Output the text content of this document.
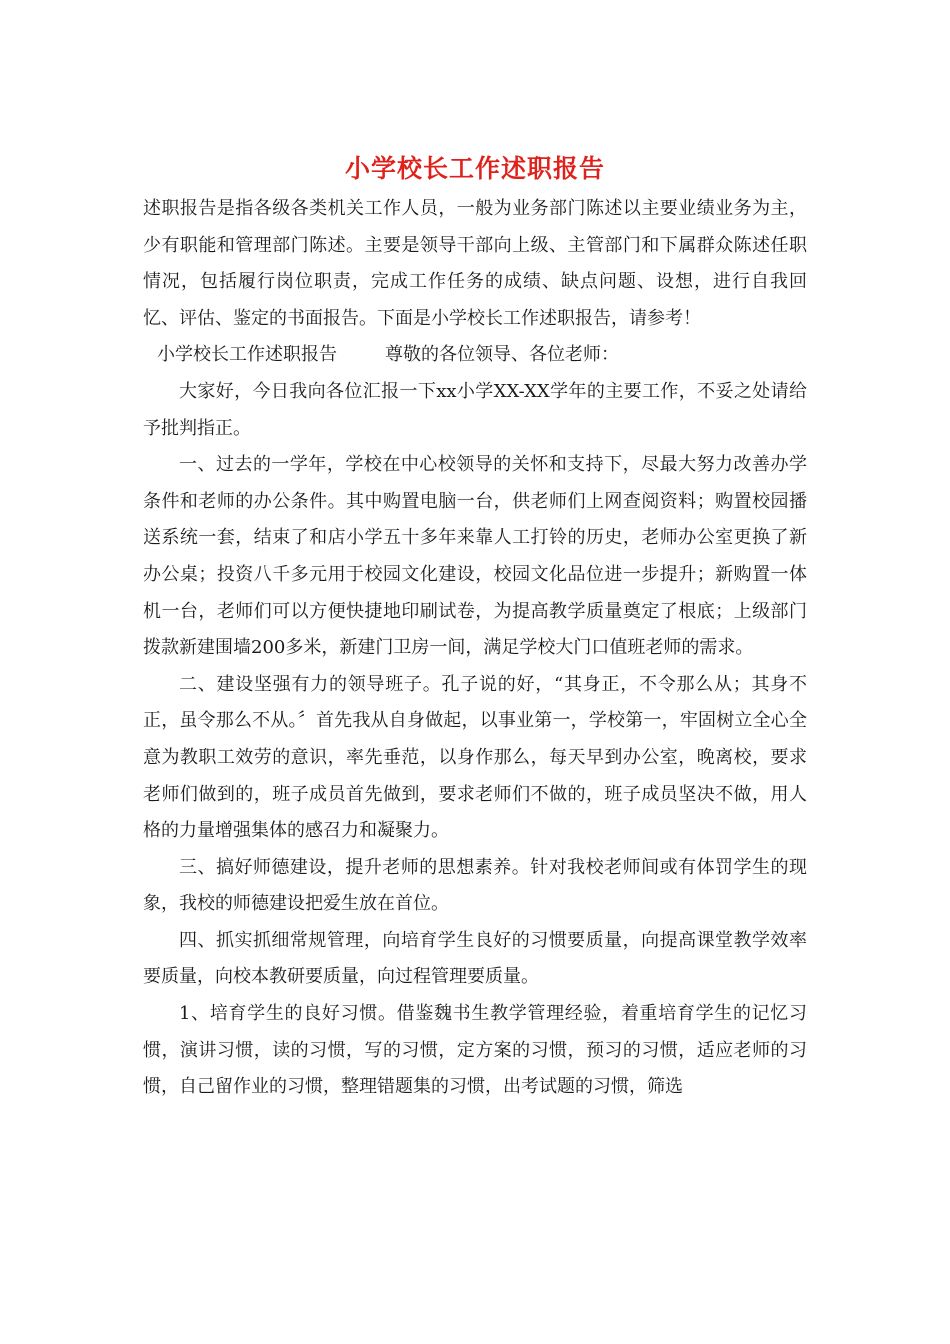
小学校长工作述职报告

述职报告是指各级各类机关工作人员，一般为业务部门陈述以主要业绩业务为主，少有职能和管理部门陈述。主要是领导干部向上级、主管部门和下属群众陈述任职情况，包括履行岗位职责，完成工作任务的成绩、缺点问题、设想，进行自我回忆、评估、鉴定的书面报告。下面是小学校长工作述职报告，请参考！

小学校长工作述职报告	尊敬的各位领导、各位老师：

大家好，今日我向各位汇报一下xx小学XX-XX学年的主要工作，不妥之处请给予批判指正。

一、过去的一学年，学校在中心校领导的关怀和支持下，尽最大努力改善办学条件和老师的办公条件。其中购置电脑一台，供老师们上网查阅资料；购置校园播送系统一套，结束了和店小学五十多年来靠人工打铃的历史，老师办公室更换了新办公桌；投资八千多元用于校园文化建设，校园文化品位进一步提升；新购置一体机一台，老师们可以方便快捷地印刷试卷，为提高教学质量奠定了根底；上级部门拨款新建围墙200多米，新建门卫房一间，满足学校大门口值班老师的需求。

二、建设坚强有力的领导班子。孔子说的好，“其身正，不令那么从；其身不正，虽令那么不从。〞首先我从自身做起，以事业第一，学校第一，牢固树立全心全意为教职工效劳的意识，率先垂范，以身作那么，每天早到办公室，晚离校，要求老师们做到的，班子成员首先做到，要求老师们不做的，班子成员坚决不做，用人格的力量增强集体的感召力和凝聚力。

三、搞好师德建设，提升老师的思想素养。针对我校老师间或有体罚学生的现象，我校的师德建设把爱生放在首位。

四、抓实抓细常规管理，向培育学生良好的习惯要质量，向提高课堂教学效率要质量，向校本教研要质量，向过程管理要质量。

1、培育学生的良好习惯。借鉴魏书生教学管理经验，着重培育学生的记忆习惯，演讲习惯，读的习惯，写的习惯，定方案的习惯，预习的习惯，适应老师的习惯，自己留作业的习惯，整理错题集的习惯，出考试题的习惯，筛选
